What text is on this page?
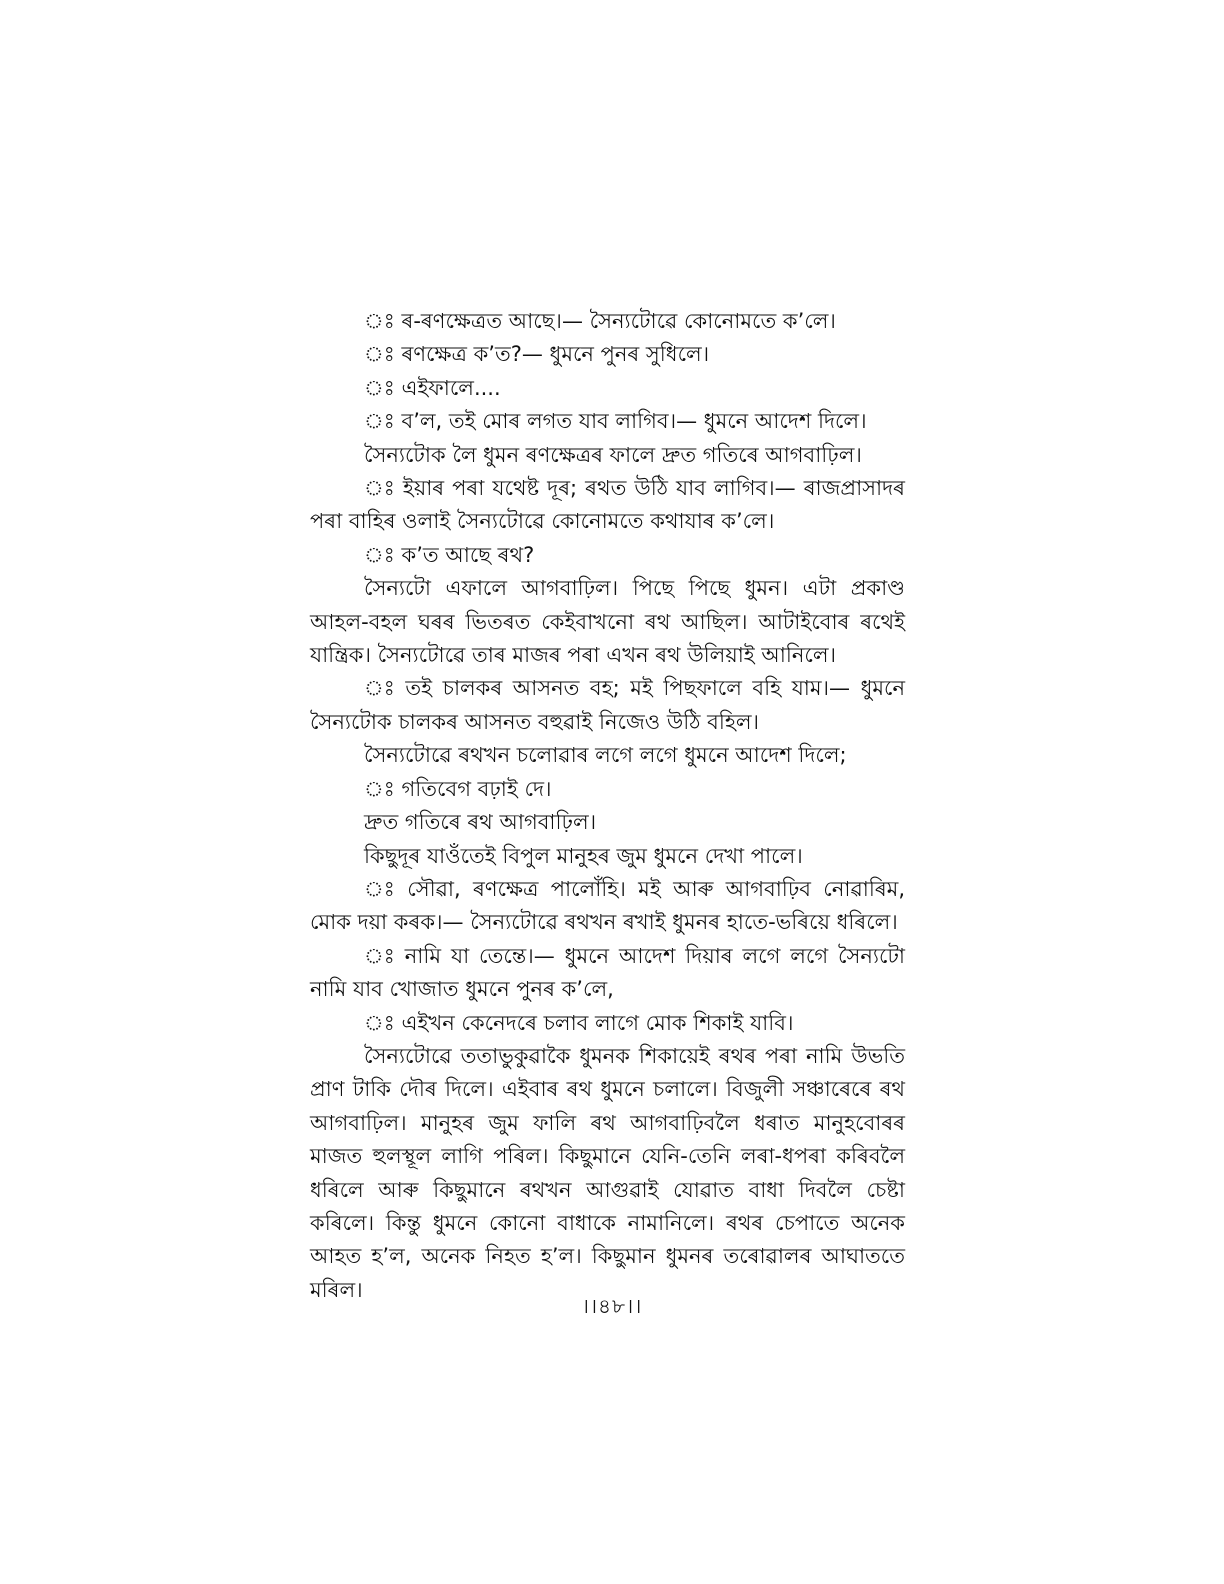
ঃ ৰ-ৰণক্ষেত্ৰত আছে।— সৈন্যটোৱে কোনোমতে ক’লে।

ঃ ৰণক্ষেত্ৰ ক’ত?— ধুমনে পুনৰ সুধিলে।

ঃ এইফালে....

ঃ ব’ল, তই মোৰ লগত যাব লাগিব।— ধুমনে আদেশ দিলে।

সৈন্যটোক লৈ ধুমন ৰণক্ষেত্ৰৰ ফালে দ্ৰুত গতিৰে আগবাঢ়িল।

ঃ ইয়াৰ পৰা যথেষ্ট দূৰ; ৰথত উঠি যাব লাগিব।— ৰাজপ্ৰাসাদৰ পৰা বাহিৰ ওলাই সৈন্যটোৱে কোনোমতে কথাযাৰ ক’লে।

ঃ ক’ত আছে ৰথ?

সৈন্যটো এফালে আগবাঢ়িল। পিছে পিছে ধুমন। এটা প্ৰকাণ্ড আহল-বহল ঘৰৰ ভিতৰত কেইবাখনো ৰথ আছিল। আটাইবোৰ ৰথেই যান্ত্ৰিক। সৈন্যটোৱে তাৰ মাজৰ পৰা এখন ৰথ উলিয়াই আনিলে।

ঃ তই চালকৰ আসনত বহ; মই পিছফালে বহি যাম।— ধুমনে সৈন্যটোক চালকৰ আসনত বহুৱাই নিজেও উঠি বহিল।

সৈন্যটোৱে ৰথখন চলোৱাৰ লগে লগে ধুমনে আদেশ দিলে;

ঃ গতিবেগ বঢ়াই দে।

দ্ৰুত গতিৰে ৰথ আগবাঢ়িল।

কিছুদূৰ যাওঁতেই বিপুল মানুহৰ জুম ধুমনে দেখা পালে।

ঃ সৌৱা, ৰণক্ষেত্ৰ পালোঁহি। মই আৰু আগবাঢ়িব নোৱাৰিম, মোক দয়া কৰক।— সৈন্যটোৱে ৰথখন ৰখাই ধুমনৰ হাতে-ভৰিয়ে ধৰিলে।

ঃ নামি যা তেন্তে।— ধুমনে আদেশ দিয়াৰ লগে লগে সৈন্যটো নামি যাব খোজাত ধুমনে পুনৰ ক’লে,

ঃ এইখন কেনেদৰে চলাব লাগে মোক শিকাই যাবি।

সৈন্যটোৱে ততাভুকুৱাকৈ ধুমনক শিকায়েই ৰথৰ পৰা নামি উভতি প্ৰাণ টাকি দৌৰ দিলে। এইবাৰ ৰথ ধুমনে চলালে। বিজুলী সঞ্চাৰেৰে ৰথ আগবাঢ়িল। মানুহৰ জুম ফালি ৰথ আগবাঢ়িবলৈ ধৰাত মানুহবোৰৰ মাজত হুলস্থূল লাগি পৰিল। কিছুমানে যেনি-তেনি লৰা-ধপৰা কৰিবলৈ ধৰিলে আৰু কিছুমানে ৰথখন আগুৱাই যোৱাত বাধা দিবলৈ চেষ্টা কৰিলে। কিন্তু ধুমনে কোনো বাধাকে নামানিলে। ৰথৰ চেপাতে অনেক আহত হ’ল, অনেক নিহত হ’ল। কিছুমান ধুমনৰ তৰোৱালৰ আঘাততে মৰিল।

।।৪৮।।
